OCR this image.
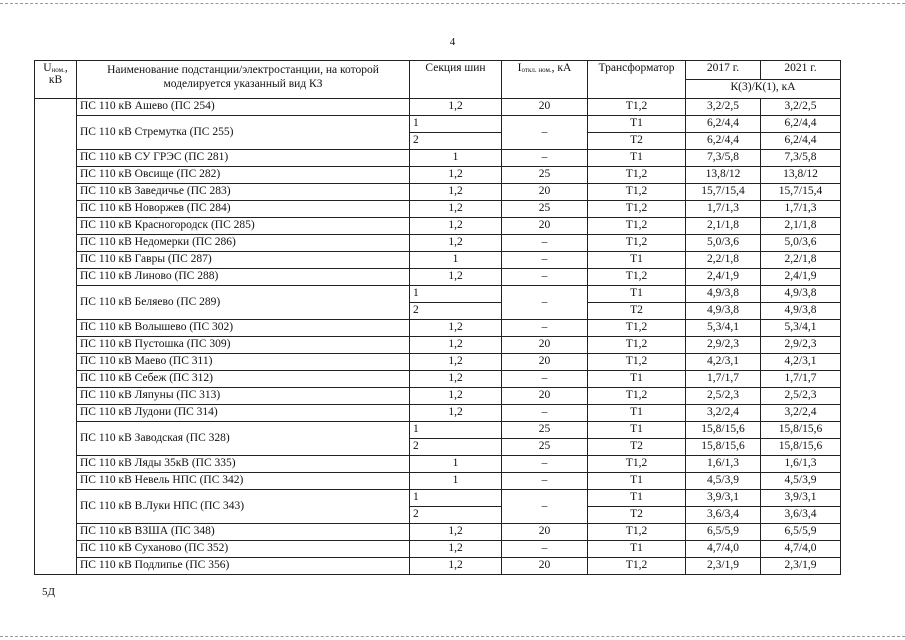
4
$U_{ном.}$,
кВ	Наименование подстанции/электростанции, на которой моделируется указанный вид КЗ	Секция шин	$I_{откл. ном.}$, кА	Трансформатор	2017 г.	2021 г.
					К(3)/К(1), кА	
	ПС 110 кВ Ашево (ПС 254)	1,2	20	Т1,2	3,2/2,5	3,2/2,5
	ПС 110 кВ Стремутка (ПС 255)	1	–	Т1	6,2/4,4	6,2/4,4
		2		Т2	6,2/4,4	6,2/4,4
	ПС 110 кВ СУ ГРЭС (ПС 281)	1	–	Т1	7,3/5,8	7,3/5,8
	ПС 110 кВ Овсище (ПС 282)	1,2	25	Т1,2	13,8/12	13,8/12
	ПС 110 кВ Заведичье (ПС 283)	1,2	20	Т1,2	15,7/15,4	15,7/15,4
	ПС 110 кВ Новоржев (ПС 284)	1,2	25	Т1,2	1,7/1,3	1,7/1,3
	ПС 110 кВ Красногородск (ПС 285)	1,2	20	Т1,2	2,1/1,8	2,1/1,8
	ПС 110 кВ Недомерки (ПС 286)	1,2	–	Т1,2	5,0/3,6	5,0/3,6
	ПС 110 кВ Гавры (ПС 287)	1	–	Т1	2,2/1,8	2,2/1,8
	ПС 110 кВ Линово (ПС 288)	1,2	–	Т1,2	2,4/1,9	2,4/1,9
	ПС 110 кВ Беляево (ПС 289)	1	–	Т1	4,9/3,8	4,9/3,8
		2		Т2	4,9/3,8	4,9/3,8
	ПС 110 кВ Волышево (ПС 302)	1,2	–	Т1,2	5,3/4,1	5,3/4,1
	ПС 110 кВ Пустошка (ПС 309)	1,2	20	Т1,2	2,9/2,3	2,9/2,3
	ПС 110 кВ Маево (ПС 311)	1,2	20	Т1,2	4,2/3,1	4,2/3,1
	ПС 110 кВ Себеж (ПС 312)	1,2	–	Т1	1,7/1,7	1,7/1,7
	ПС 110 кВ Ляпуны (ПС 313)	1,2	20	Т1,2	2,5/2,3	2,5/2,3
	ПС 110 кВ Лудони (ПС 314)	1,2	–	Т1	3,2/2,4	3,2/2,4
	ПС 110 кВ Заводская (ПС 328)	1	25	Т1	15,8/15,6	15,8/15,6
		2	25	Т2	15,8/15,6	15,8/15,6
	ПС 110 кВ Ляды 35кВ (ПС 335)	1	–	Т1,2	1,6/1,3	1,6/1,3
	ПС 110 кВ Невель НПС (ПС 342)	1	–	Т1	4,5/3,9	4,5/3,9
	ПС 110 кВ В.Луки НПС (ПС 343)	1	–	Т1	3,9/3,1	3,9/3,1
		2		Т2	3,6/3,4	3,6/3,4
	ПС 110 кВ ВЗША (ПС 348)	1,2	20	Т1,2	6,5/5,9	6,5/5,9
	ПС 110 кВ Суханово (ПС 352)	1,2	–	Т1	4,7/4,0	4,7/4,0
	ПС 110 кВ Подлипье (ПС 356)	1,2	20	Т1,2	2,3/1,9	2,3/1,9
5Д
